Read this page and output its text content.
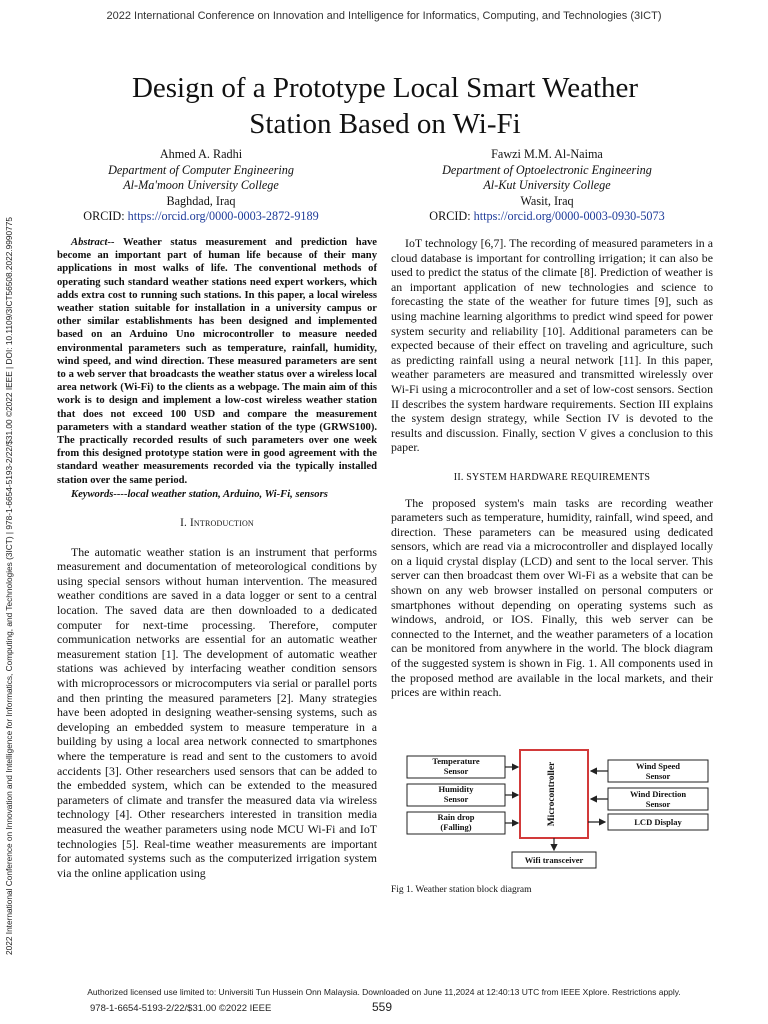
2022 International Conference on Innovation and Intelligence for Informatics, Computing, and Technologies (3ICT)
2022 International Conference on Innovation and Intelligence for Informatics, Computing, and Technologies (3ICT) | 978-1-6654-5193-2/22/$31.00 ©2022 IEEE | DOI: 10.1109/3ICT56508.2022.9990775
Design of a Prototype Local Smart Weather
Station Based on Wi-Fi
Ahmed A. Radhi
Department of Computer Engineering
Al-Ma'moon University College
Baghdad, Iraq
ORCID: https://orcid.org/0000-0003-2872-9189
Fawzi M.M. Al-Naima
Department of Optoelectronic Engineering
Al-Kut University College
Wasit, Iraq
ORCID: https://orcid.org/0000-0003-0930-5073

Abstract-- Weather status measurement and prediction have become an important part of human life because of their many applications in most walks of life. The conventional methods of operating such standard weather stations need expert workers, which adds extra cost to running such stations. In this paper, a local wireless weather station suitable for installation in a university campus or other similar establishments has been designed and implemented based on an Arduino Uno microcontroller to measure needed environmental parameters such as temperature, rainfall, humidity, wind speed, and wind direction. These measured parameters are sent to a web server that broadcasts the weather status over a wireless local area network (Wi-Fi) to the clients as a webpage. The main aim of this work is to design and implement a low-cost wireless weather station that does not exceed 100 USD and compare the measurement parameters with a standard weather station of the type (GRWS100). The practically recorded results of such parameters over one week from this designed prototype station were in good agreement with the standard weather measurements recorded via the typically installed station over the same period.

Keywords----local weather station, Arduino, Wi-Fi, sensors

I. Introduction

The automatic weather station is an instrument that performs measurement and documentation of meteorological conditions by using special sensors without human intervention. The measured weather conditions are saved in a data logger or sent to a central location. The saved data are then downloaded to a dedicated computer for next-time processing. Therefore, computer communication networks are essential for an automatic weather measurement station [1]. The development of automatic weather stations was achieved by interfacing weather condition sensors with microprocessors or microcomputers via serial or parallel ports and then printing the measured parameters [2]. Many strategies have been adopted in designing weather-sensing systems, such as developing an embedded system to measure temperature in a building by using a local area network connected to smartphones where the temperature is read and sent to the customers to avoid accidents [3]. Other researchers used sensors that can be added to the embedded system, which can be extended to the measured parameters of climate and transfer the measured data via wireless technology [4]. Other researchers interested in transition media measured the weather parameters using node MCU Wi-Fi and IoT technologies [5]. Real-time weather measurements are important for automated systems such as the computerized irrigation system via the online application using

IoT technology [6,7]. The recording of measured parameters in a cloud database is important for controlling irrigation; it can also be used to predict the status of the climate [8]. Prediction of weather is an important application of new technologies and science to forecasting the state of the weather for future times [9], such as using machine learning algorithms to predict wind speed for power system security and reliability [10]. Additional parameters can be expected because of their effect on traveling and agriculture, such as predicting rainfall using a neural network [11]. In this paper, weather parameters are measured and transmitted wirelessly over Wi-Fi using a microcontroller and a set of low-cost sensors. Section II describes the system hardware requirements. Section III explains the system design strategy, while Section IV is devoted to the results and discussion. Finally, section V gives a conclusion to this paper.

II. SYSTEM HARDWARE REQUIREMENTS

The proposed system's main tasks are recording weather parameters such as temperature, humidity, rainfall, wind speed, and direction. These parameters can be measured using dedicated sensors, which are read via a microcontroller and displayed locally on a liquid crystal display (LCD) and sent to the local server. This server can then broadcast them over Wi-Fi as a website that can be shown on any web browser installed on personal computers or smartphones without depending on operating systems such as windows, android, or IOS. Finally, this web server can be connected to the Internet, and the weather parameters of a location can be monitored from anywhere in the world. The block diagram of the suggested system is shown in Fig. 1. All components used in the proposed method are available in the local markets, and their prices are within reach.

Temperature
Sensor
Humidity
Sensor
Rain drop
(Falling)
Microcontroller	Wind Speed
Sensor
Wind Direction
Sensor
LCD Display
Wifi transceiver
Fig 1. Weather station block diagram
Authorized licensed use limited to: Universiti Tun Hussein Onn Malaysia. Downloaded on June 11,2024 at 12:40:13 UTC from IEEE Xplore. Restrictions apply.
978-1-6654-5193-2/22/$31.00 ©2022 IEEE	559
